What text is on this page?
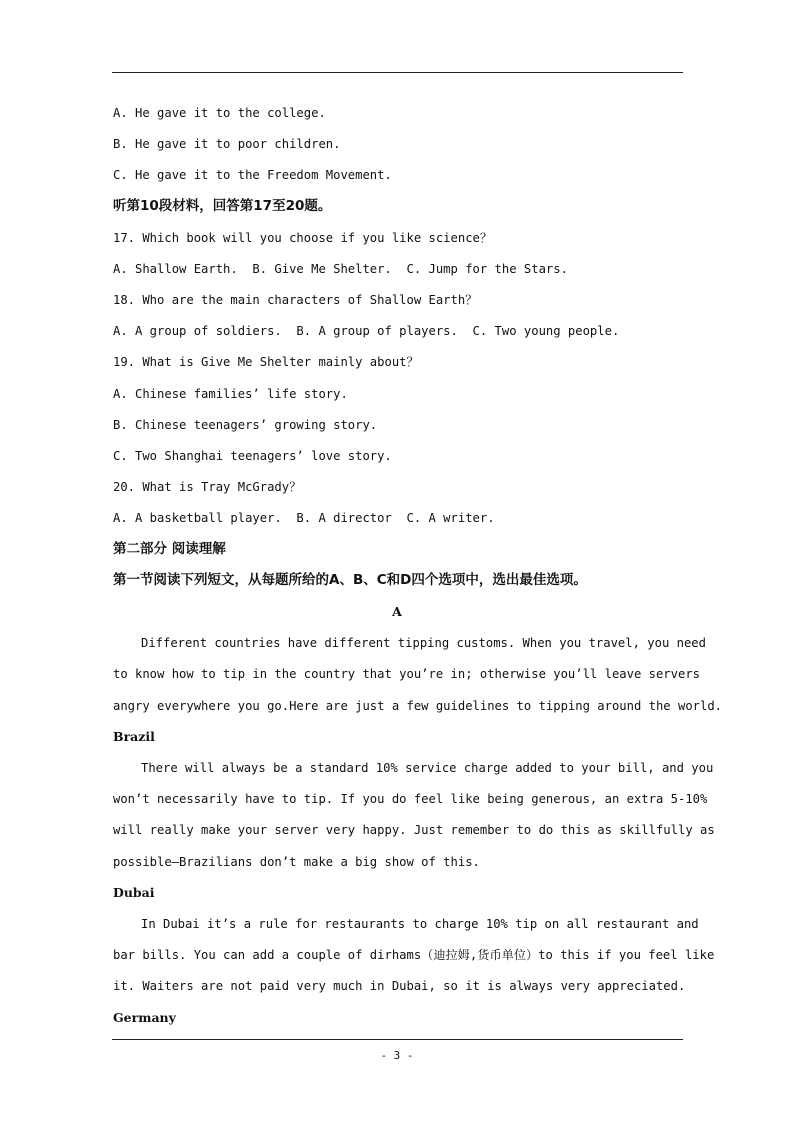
A. He gave it to the college.
B. He gave it to poor children.
C. He gave it to the Freedom Movement.
听第10段材料，回答第17至20题。
17. Which book will you choose if you like science？
A. Shallow Earth.  B. Give Me Shelter.  C. Jump for the Stars.
18. Who are the main characters of Shallow Earth？
A. A group of soldiers.  B. A group of players.  C. Two young people.
19. What is Give Me Shelter mainly about？
A. Chinese families’ life story.
B. Chinese teenagers’ growing story.
C. Two Shanghai teenagers’ love story.
20. What is Tray McGrady？
A. A basketball player.  B. A director  C. A writer.
第二部分 阅读理解
第一节阅读下列短文，从每题所给的A、B、C和D四个选项中，选出最佳选项。
A
Different countries have different tipping customs. When you travel, you need
to know how to tip in the country that you’re in; otherwise you’ll leave servers
angry everywhere you go.Here are just a few guidelines to tipping around the world.
Brazil
There will always be a standard 10% service charge added to your bill, and you
won’t necessarily have to tip. If you do feel like being generous, an extra 5-10%
will really make your server very happy. Just remember to do this as skillfully as
possible—Brazilians don’t make a big show of this.
Dubai
In Dubai it’s a rule for restaurants to charge 10% tip on all restaurant and
bar bills. You can add a couple of dirhams（迪拉姆,货币单位）to this if you feel like
it. Waiters are not paid very much in Dubai, so it is always very appreciated.
Germany
- 3 -
